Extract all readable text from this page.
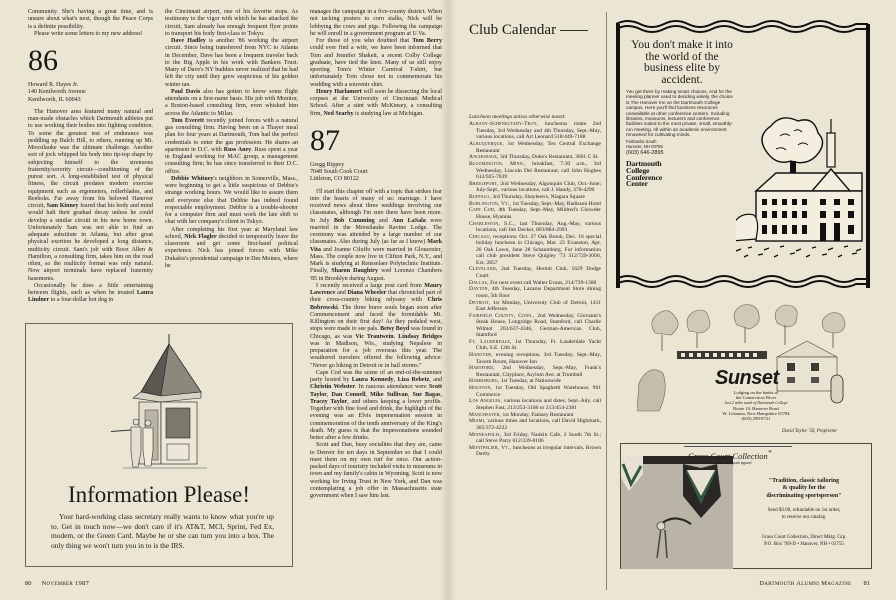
Community. She's having a great time, and is unsure about what's next, though the Peace Corps is a definite possibility.

Please write some letters to my new address!

86

Howard R. Hayes Jr.
140 Kenilworth Avenue
Kenilworth, IL 60043

The Hanover area featured many natural and man-made obstacles which Dartmouth athletes put to use working their bodies into fighting condition. To some the greatest test of endurance was peddling up Balch Hill, to others, running up Mt. Moosilauke was the ultimate challenge. Another sort of jock whipped his body into tip-top shape by subjecting himself to the strenuous fraternity/sorority circuit—conditioning of the purest sort. A long-established test of physical fitness, the circuit predates modern exercise equipment such as ergometers, rollerblades, and Reeboks. Far away from his beloved Hanover circuit, Sam Kinney feared that his body and mind would halt their gradual decay unless he could develop a similar circuit in his new home town. Unfortunately Sam was not able to find an adequate substitute in Atlanta, but after great physical exertion he developed a long distance, multicity circuit. Sam's job with Booz Allen & Hamilton, a consulting firm, takes him on the road often, so the multicity format was only natural. Now airport terminals have replaced fraternity basements.

Occasionally he does a little entertaining between flights, such as when he treated Laura Lindner to a four-dollar hot dog in

the Cincinnati airport, one of his favorite stops. As testimony to the vigor with which he has attacked the circuit, Sam already has enough frequent flyer points to transport his body first-class to Tokyo.

Dave Hadley is another '86 working the airport circuit. Since being transferred from NYC to Atlanta in December, Dave has been a frequent traveler back to the Big Apple in his work with Bankers Trust. Many of Dave's NY buddies never realized that he had left the city until they grew suspicious of his golden winter tan.

Paul Davis also has gotten to know some flight attendants on a first-name basis. His job with Monitor, a Boston-based consulting firm, even whisked him across the Atlantic to Milan.

Tom Everett recently joined forces with a natural gas consulting firm. Having been on a Thayer meal plan for four years at Dartmouth, Tom had the perfect credentials to enter the gas profession. He shares an apartment in D.C. with Russ Aney. Russ spent a year in England working for MAC group, a management consulting firm; he has since transferred to their D.C. office.

Debbie Whitney's neighbors in Somerville, Mass., were beginning to get a little suspicious of Debbie's strange working hours. We would like to assure them and everyone else that Debbie has indeed found respectable employment. Debbie is a trouble-shooter for a computer firm and must work the late shift to chat with her company's client in Tokyo.

After completing his first year at Maryland law school, Nick Flagler decided to temporarily leave the classroom and get some first-hand political experience. Nick has joined forces with Mike Dukakis's presidential campaign in Des Moines, where he

manages the campaign in a five-county district. When not tacking posters to corn stalks, Nick will be lobbying the cows and pigs. Following the campaign he will enroll in a government program at U.Va.

For those of you who doubted that Tom Berry could ever find a wife, we have been informed that Tom and Jennifer Shakett, a recent Colby College graduate, have tied the knot. Many of us still enjoy sporting Tom's Winter Carnival T-shirt, but unfortunately Tom chose not to commemorate his wedding with a souvenir shirt.

Henry Harlamert will soon be dissecting the local corpses at the University of Cincinnati Medical School. After a stint with McKinsey, a consulting firm, Ned Searby is studying law at Michigan.

87

Gregg Rippey
7048 South Cook Court
Littleton, CO 80122

I'll start this chapter off with a topic that strikes fear into the hearts of many of us: marriage. I have received news about three weddings involving our classmates, although I'm sure there have been more. In July Bob Cumming and Ann LaSala were married in the Moosilauke Ravine Lodge. The ceremony was attended by a large number of our classmates. Also during July (as far as I know) Mark Vita and Joanne Ciluffo were married in Gloucester, Mass. The couple now live in Clifton Park, N.Y., and Mark is studying at Rensselaer Polytechnic Institute. Finally, Sharon Daughtry wed Lorenzo Chambers '85 in Brooklyn during August.

I recently received a large post card from Maury Lawrence and Diana Wheeler that chronicled part of their cross-country biking odyssey with Chris Bobrowski. The three brave souls began soon after Commencement and faced the formidable Mt. Killington on their first day! As they pedaled west, stops were made to see pals. Betsy Boyd was found in Chicago, as was Vic Trautwein. Lindsay Bridges was in Madison, Wis., studying Nepalese in preparation for a job overseas this year. The weathered travelers offered the following advice: "Never go biking in Detroit or in hail storms."

Cape Cod was the scene of an end-of-the-summer party hosted by Laura Kennedy, Liza Rebetz, and Christin Webster. In raucous attendance were Scott Taylor, Dan Connell, Mike Sullivan, Sue Bagas, Tracey Taylor, and others keeping a lower profile. Together with fine food and drink, the highlight of the evening was an Elvis impersonation session in commemoration of the tenth anniversary of the King's death. My guess is that the impersonations sounded better after a few drinks.

Scott and Dan, busy socialites that they are, came to Denver for ten days in September so that I could meet them on my own turf for once. Our action-packed days of touristry included visits to museums in town and my family's cabin in Wyoming. Scott is now working for Irving Trust in New York, and Dan was contemplating a job offer in Massachusetts state government when I saw him last.

Information Please!
Your hard-working class secretary really wants to know what you're up to. Get in touch now—we don't care if it's AT&T, MCI, Sprint, Fed Ex, modem, or the Green Card. Maybe he or she can turn you into a box. The only thing we won't turn you in to is the IRS.
80 November 1987
Club Calendar
Luncheon meetings unless otherwise noted:
Albany-Schenectady-Troy, luncheons rotate 2nd Tuesday, 3rd Wednesday and 4th Thursday, Sept.-May, various locations, call Art Leonard 518/449-7188
Albuquerque, 1st Wednesday, Ten Central Exchange Restaurant
Anchorage, 3rd Thursday, Duke's Restaurant, 3601 C St.
Bloomington, Minn., breakfast, 7:30 a.m., 3rd Wednesday, Lincoln Del Restaurant, call John Hughes 612/925-7039
Bridgeport, 2nd Wednesday, Algonquin Club, Oct.-June; July-Sept., various locations, call J. Handy, 378-4290
Buffalo, 3rd Thursday, Shayleen's, Niagara Square
Burlington, Vt., 1st Tuesday, Sept.-May, Radisson Hotel
Cape Cod, 4th Tuesday, Sept.-May, Mildred's Chowder House, Hyannis
Charleston, S.C., last Thursday, Aug.-May, various locations, call Jim Decker, 803/884-2993
Chicago, receptions: Oct. 27 Oak Brook, Dec. 16 special holiday luncheon in Chicago, Mar. 23 Evanston, Apr. 26 Oak Lawn, June 28 Schaumburg. For information call club president Steve Quigley '73 312/729-3000, Ext. 2857
Cleveland, 2nd Tuesday, Hermit Club, 1629 Dodge Court
Dallas, For next event call Walter Evans, 214/739-1300
Dayton, 4th Tuesday, Lazarus Department Store dining room, 5th floor
Detroit, 1st Monday, University Club of Detroit, 1411 East Jefferson
Fairfield County, Conn., 2nd Wednesday, Giovanni's Steak House, Longridge Road, Stamford, call Charlie Wilmot 203/637-4346, German-American Club, Stamford
Ft. Lauderdale, 1st Thursday, Ft. Lauderdale Yacht Club, S.E. 12th St.
Hanover, evening receptions, 3rd Tuesday, Sept.-May, Tavern Room, Hanover Inn
Hartford, 2nd Wednesday, Sept.-May, Frank's Restaurant, Cityplace, Asylum Ave. at Trumbull
Harrisburg, 1st Tuesday, at Nationwide
Houston, 1st Tuesday, Old Spaghetti Warehouse, 901 Commerce
Los Angeles, various locations and dates, Sept.-July, call Stephen Fast, 213/253-3186 or 213/454-2381
Manchester, 1st Monday, Fantasy Restaurant
Miami, various times and locations, call David Highmark, 305/372-4222
Minneapolis, 3rd Friday, Nankin Cafe, 2 South 7th St.; call Steve Parry 612/339-8186
Montpelier, Vt., luncheons at irregular intervals, Brown Derby
You don't make it into the world of the business elite by accident.
You get there by making smart choices. And for the meeting planner used to deciding wisely, the choice is The Hanover Inn on the Dartmouth College campus. Here you'll find business resources unavailable at other conference centers. Including libraries, museums, lecturers and conference facilities suited to the most private, small, smoothly-run meeting. All within an academic environment renowned for cultivating minds.
Fairbanks South
Hanover, NH 03755
(603) 646-2895
Dartmouth
College
Conference
Center
Sunset
Lodging on the banks of
the Connecticut River
Just 2 miles south of Dartmouth College
Route 10, Hanover Road
W. Lebanon, New Hampshire 03784
(603) 298-8721
David Taylor '50, Proprietor
Grass Court Collection*
authentic cricket, tennis and squash apparel
"Tradition, classic tailoring
& quality for the
discriminating sportsperson"
Send $3.00, refundable on 1st order,
to receive our catalog.
Grass Court Collection, Direct Mktg. Grp.
P.O. Box 769-D • Hanover, NH • 03755
Dartmouth Alumni Magazine 81
